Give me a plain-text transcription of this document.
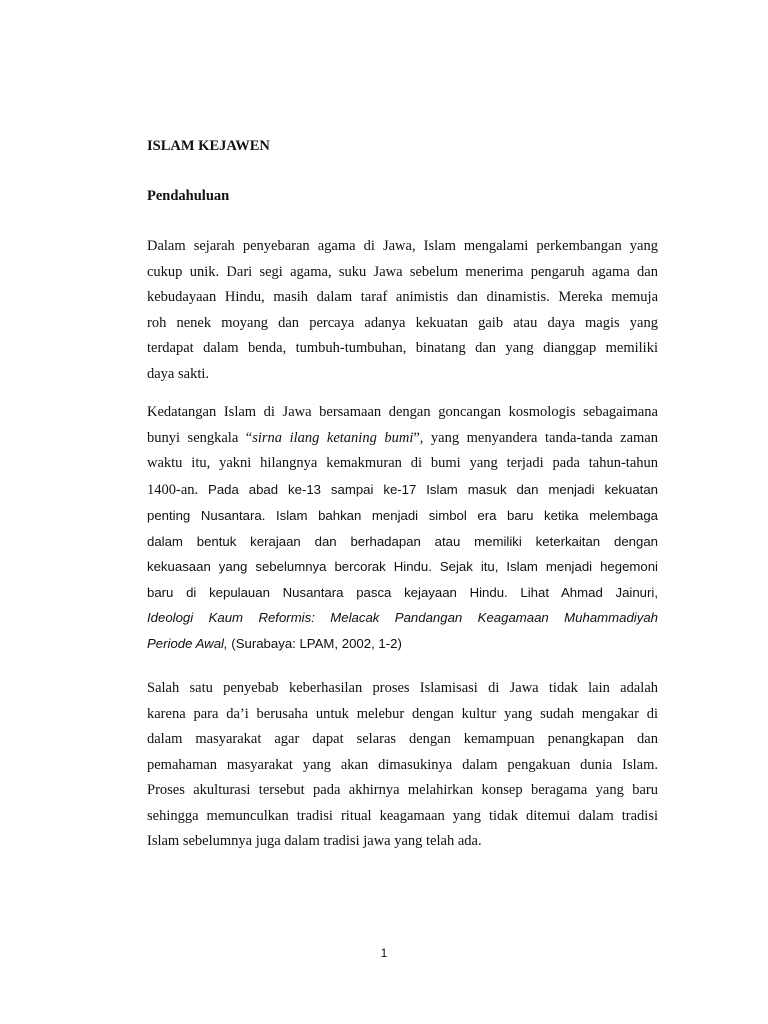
ISLAM KEJAWEN
Pendahuluan

Dalam sejarah penyebaran agama di Jawa, Islam mengalami perkembangan yang
cukup unik. Dari segi agama, suku Jawa sebelum menerima pengaruh agama dan
kebudayaan Hindu, masih dalam taraf animistis dan dinamistis. Mereka memuja
roh nenek moyang dan percaya adanya kekuatan gaib atau daya magis yang
terdapat dalam benda, tumbuh-tumbuhan, binatang dan yang dianggap memiliki
daya sakti.

Kedatangan Islam di Jawa bersamaan dengan goncangan kosmologis sebagaimana
bunyi sengkala “sirna ilang ketaning bumi”, yang menyandera tanda-tanda zaman
waktu itu, yakni hilangnya kemakmuran di bumi yang terjadi pada tahun-tahun
1400-an. Pada abad ke-13 sampai ke-17 Islam masuk dan menjadi kekuatan
penting Nusantara. Islam bahkan menjadi simbol era baru ketika melembaga
dalam bentuk kerajaan dan berhadapan atau memiliki keterkaitan dengan
kekuasaan yang sebelumnya bercorak Hindu. Sejak itu, Islam menjadi hegemoni
baru di kepulauan Nusantara pasca kejayaan Hindu. Lihat Ahmad Jainuri,
Ideologi Kaum Reformis: Melacak Pandangan Keagamaan Muhammadiyah
Periode Awal, (Surabaya: LPAM, 2002, 1-2)

Salah satu penyebab keberhasilan proses Islamisasi di Jawa tidak lain adalah
karena para da’i berusaha untuk melebur dengan kultur yang sudah mengakar di
dalam masyarakat agar dapat selaras dengan kemampuan penangkapan dan
pemahaman masyarakat yang akan dimasukinya dalam pengakuan dunia Islam.
Proses akulturasi tersebut pada akhirnya melahirkan konsep beragama yang baru
sehingga memunculkan tradisi ritual keagamaan yang tidak ditemui dalam tradisi
Islam sebelumnya juga dalam tradisi jawa yang telah ada.

1
